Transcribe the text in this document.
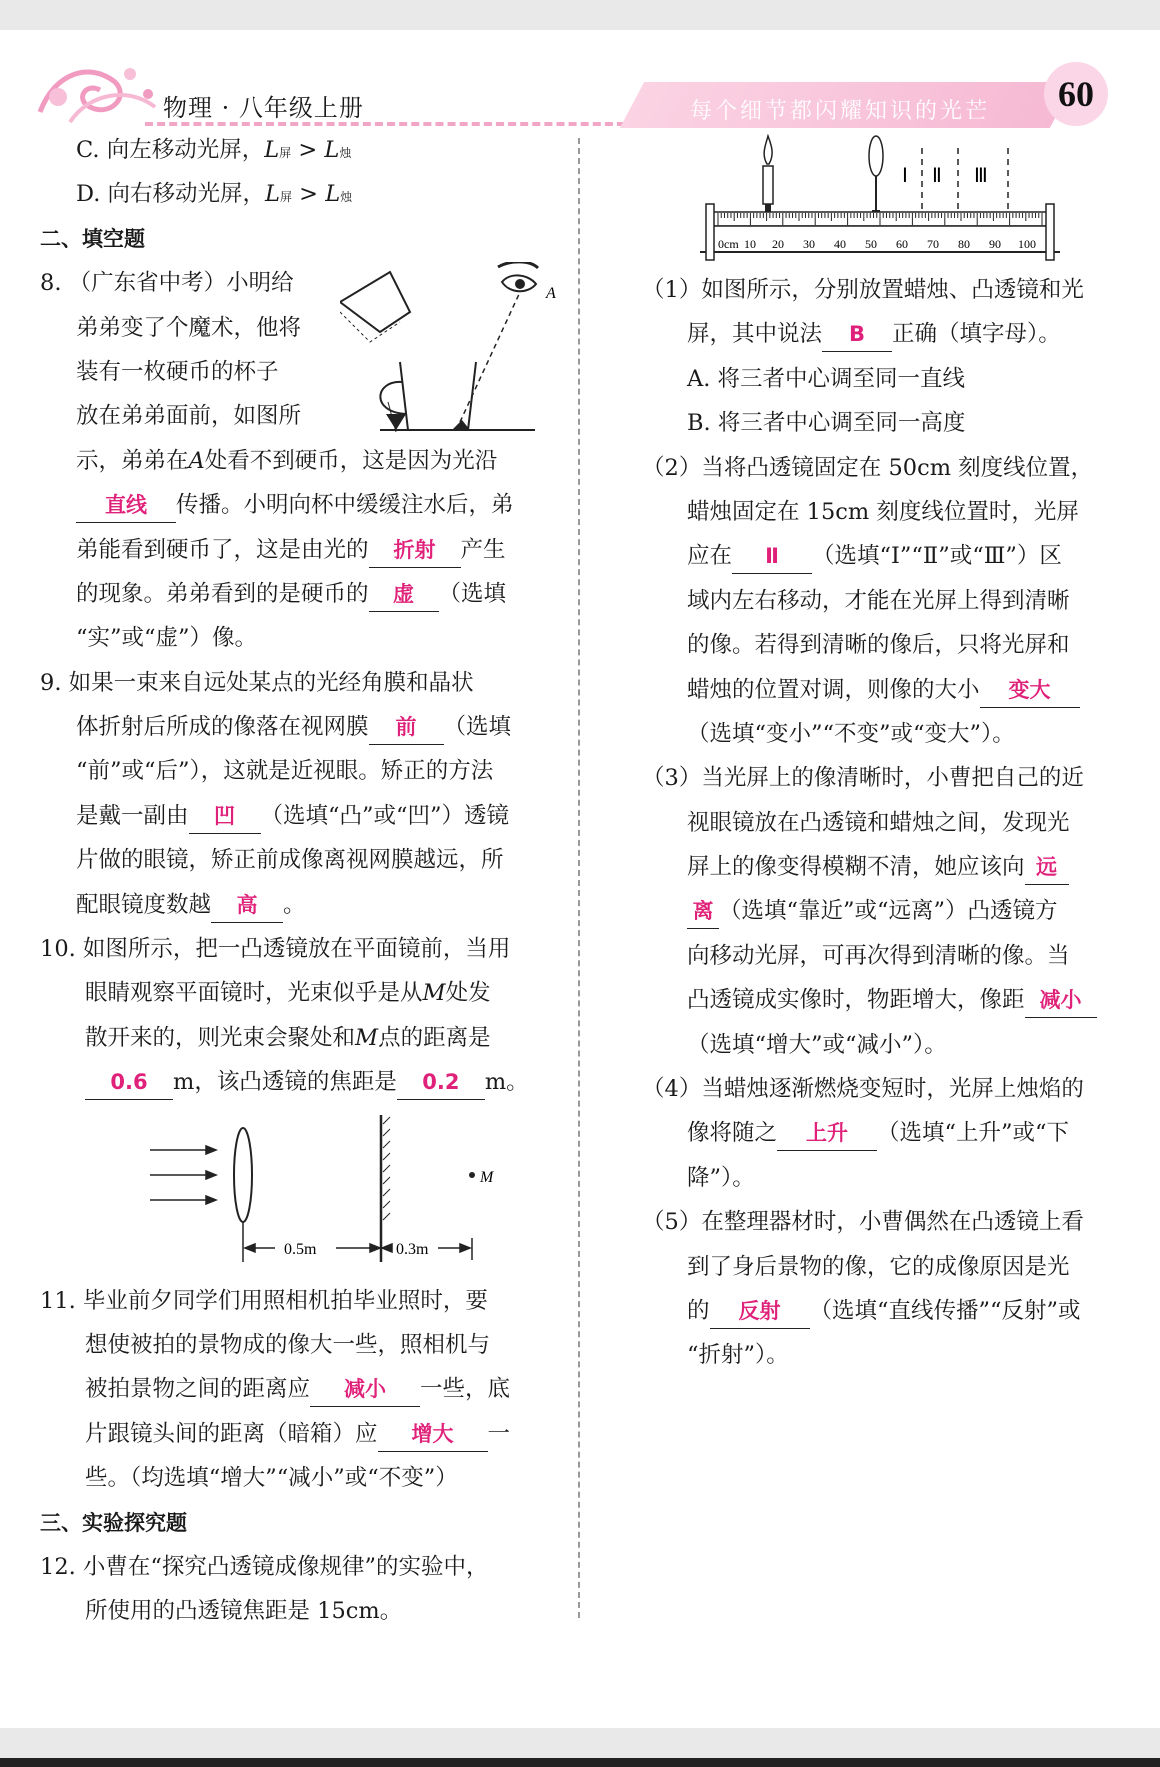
物理 · 八年级上册	每个细节都闪耀知识的光芒	60
C. 向左移动光屏，L屏 > L烛
D. 向右移动光屏，L屏 > L烛
二、填空题
8. （广东省中考）小明给
弟弟变了个魔术，他将
装有一枚硬币的杯子
放在弟弟面前，如图所
示，弟弟在A处看不到硬币，这是因为光沿
直线 传播。小明向杯中缓缓注水后，弟
弟能看到硬币了，这是由光的 折射 产生
的现象。弟弟看到的是硬币的 虚 （选填
“实”或“虚”）像。
9. 如果一束来自远处某点的光经角膜和晶状
体折射后所成的像落在视网膜 前 （选填
“前”或“后”），这就是近视眼。矫正的方法
是戴一副由 凹 （选填“凸”或“凹”）透镜
片做的眼镜，矫正前成像离视网膜越远，所
配眼镜度数越 高 。
10. 如图所示，把一凸透镜放在平面镜前，当用
眼睛观察平面镜时，光束似乎是从M处发
散开来的，则光束会聚处和M点的距离是
0.6 m，该凸透镜的焦距是 0.2 m。
11. 毕业前夕同学们用照相机拍毕业照时，要
想使被拍的景物成的像大一些，照相机与
被拍景物之间的距离应 减小 一些，底
片跟镜头间的距离（暗箱）应 增大 一
些。（均选填“增大”“减小”或“不变”）
三、实验探究题
12. 小曹在“探究凸透镜成像规律”的实验中，
所使用的凸透镜焦距是 15cm。
A
M
0.5m	0.3m
Ⅰ Ⅱ Ⅲ
0cm 10 20 30 40 50 60 70 80 90 100
（1）如图所示，分别放置蜡烛、凸透镜和光
屏，其中说法 B 正确（填字母）。
A. 将三者中心调至同一直线
B. 将三者中心调至同一高度
（2）当将凸透镜固定在 50cm 刻度线位置，
蜡烛固定在 15cm 刻度线位置时，光屏
应在 Ⅱ （选填“Ⅰ”“Ⅱ”或“Ⅲ”）区
域内左右移动，才能在光屏上得到清晰
的像。若得到清晰的像后，只将光屏和
蜡烛的位置对调，则像的大小 变大
（选填“变小”“不变”或“变大”）。
（3）当光屏上的像清晰时，小曹把自己的近
视眼镜放在凸透镜和蜡烛之间，发现光
屏上的像变得模糊不清，她应该向 远
离 （选填“靠近”或“远离”）凸透镜方
向移动光屏，可再次得到清晰的像。当
凸透镜成实像时，物距增大，像距 减小
（选填“增大”或“减小”）。
（4）当蜡烛逐渐燃烧变短时，光屏上烛焰的
像将随之 上升 （选填“上升”或“下
降”）。
（5）在整理器材时，小曹偶然在凸透镜上看
到了身后景物的像，它的成像原因是光
的 反射 （选填“直线传播”“反射”或
“折射”）。
